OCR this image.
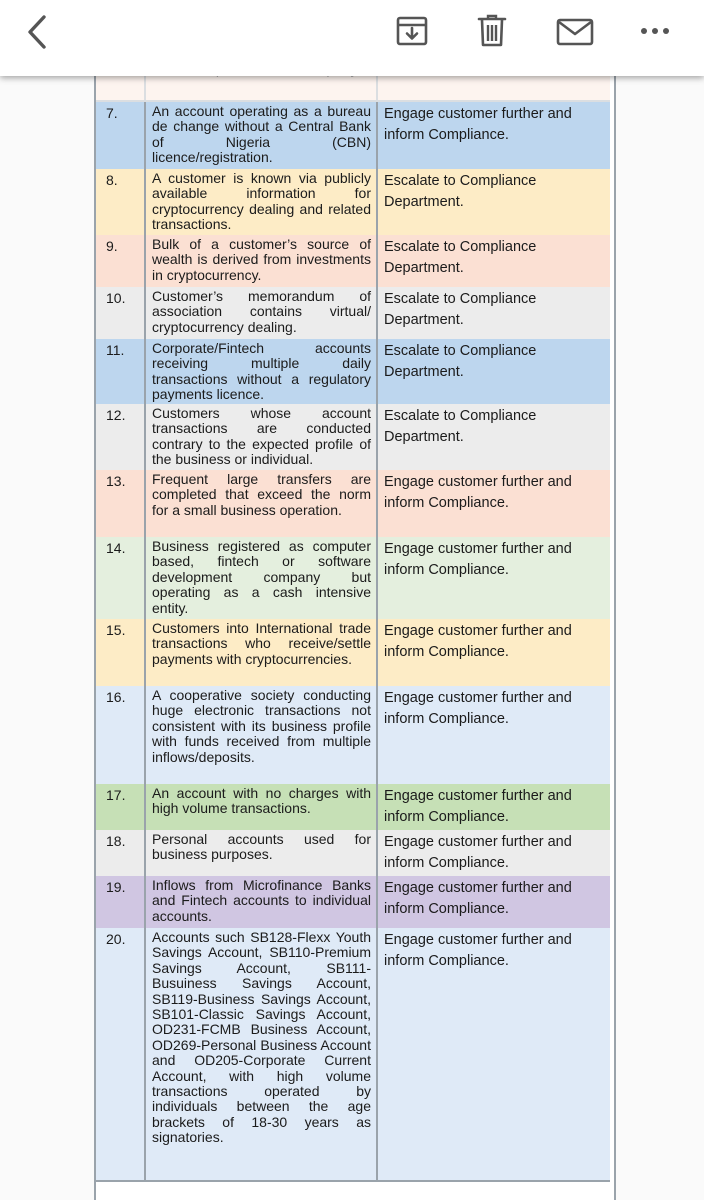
7. An account operating as a bureau de change without a Central Bank of Nigeria (CBN) licence/registration.
Engage customer further and inform Compliance.
8. A customer is known via publicly available information for cryptocurrency dealing and related transactions.
Escalate to Compliance Department.
9. Bulk of a customer’s source of wealth is derived from investments in cryptocurrency.
Escalate to Compliance Department.
10. Customer’s memorandum of association contains virtual/ cryptocurrency dealing.
Escalate to Compliance Department.
11. Corporate/Fintech accounts receiving multiple daily transactions without a regulatory payments licence.
Escalate to Compliance Department.
12. Customers whose account transactions are conducted contrary to the expected profile of the business or individual.
Escalate to Compliance Department.
13. Frequent large transfers are completed that exceed the norm for a small business operation.
Engage customer further and inform Compliance.
14. Business registered as computer based, fintech or software development company but operating as a cash intensive entity.
Engage customer further and inform Compliance.
15. Customers into International trade transactions who receive/settle payments with cryptocurrencies.
Engage customer further and inform Compliance.
16. A cooperative society conducting huge electronic transactions not consistent with its business profile with funds received from multiple inflows/deposits.
Engage customer further and inform Compliance.
17. An account with no charges with high volume transactions.
Engage customer further and inform Compliance.
18. Personal accounts used for business purposes.
Engage customer further and inform Compliance.
19. Inflows from Microfinance Banks and Fintech accounts to individual accounts.
Engage customer further and inform Compliance.
20. Accounts such SB128-Flexx Youth Savings Account, SB110-Premium Savings Account, SB111-Busuiness Savings Account, SB119-Business Savings Account, SB101-Classic Savings Account, OD231-FCMB Business Account, OD269-Personal Business Account and OD205-Corporate Current Account, with high volume transactions operated by individuals between the age brackets of 18-30 years as signatories.
Engage customer further and inform Compliance.
